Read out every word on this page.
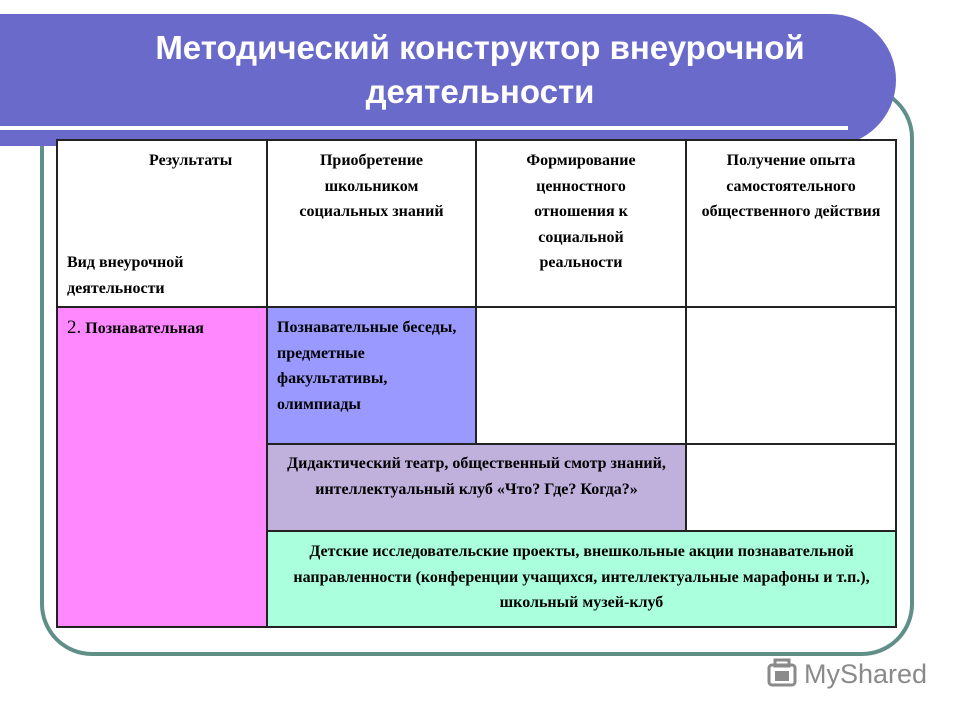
Методический конструктор внеурочной
деятельности
Результаты
Вид внеурочной деятельности
Приобретение школьником социальных знаний
Формирование ценностного отношения к социальной реальности
Получение опыта самостоятельного общественного действия
2. Познавательная	Познавательные беседы, предметные факультативы, олимпиады
Дидактический театр, общественный смотр знаний, интеллектуальный клуб «Что? Где? Когда?»
Детские исследовательские проекты, внешкольные акции познавательной направленности (конференции учащихся, интеллектуальные марафоны и т.п.), школьный музей-клуб
MyShared
